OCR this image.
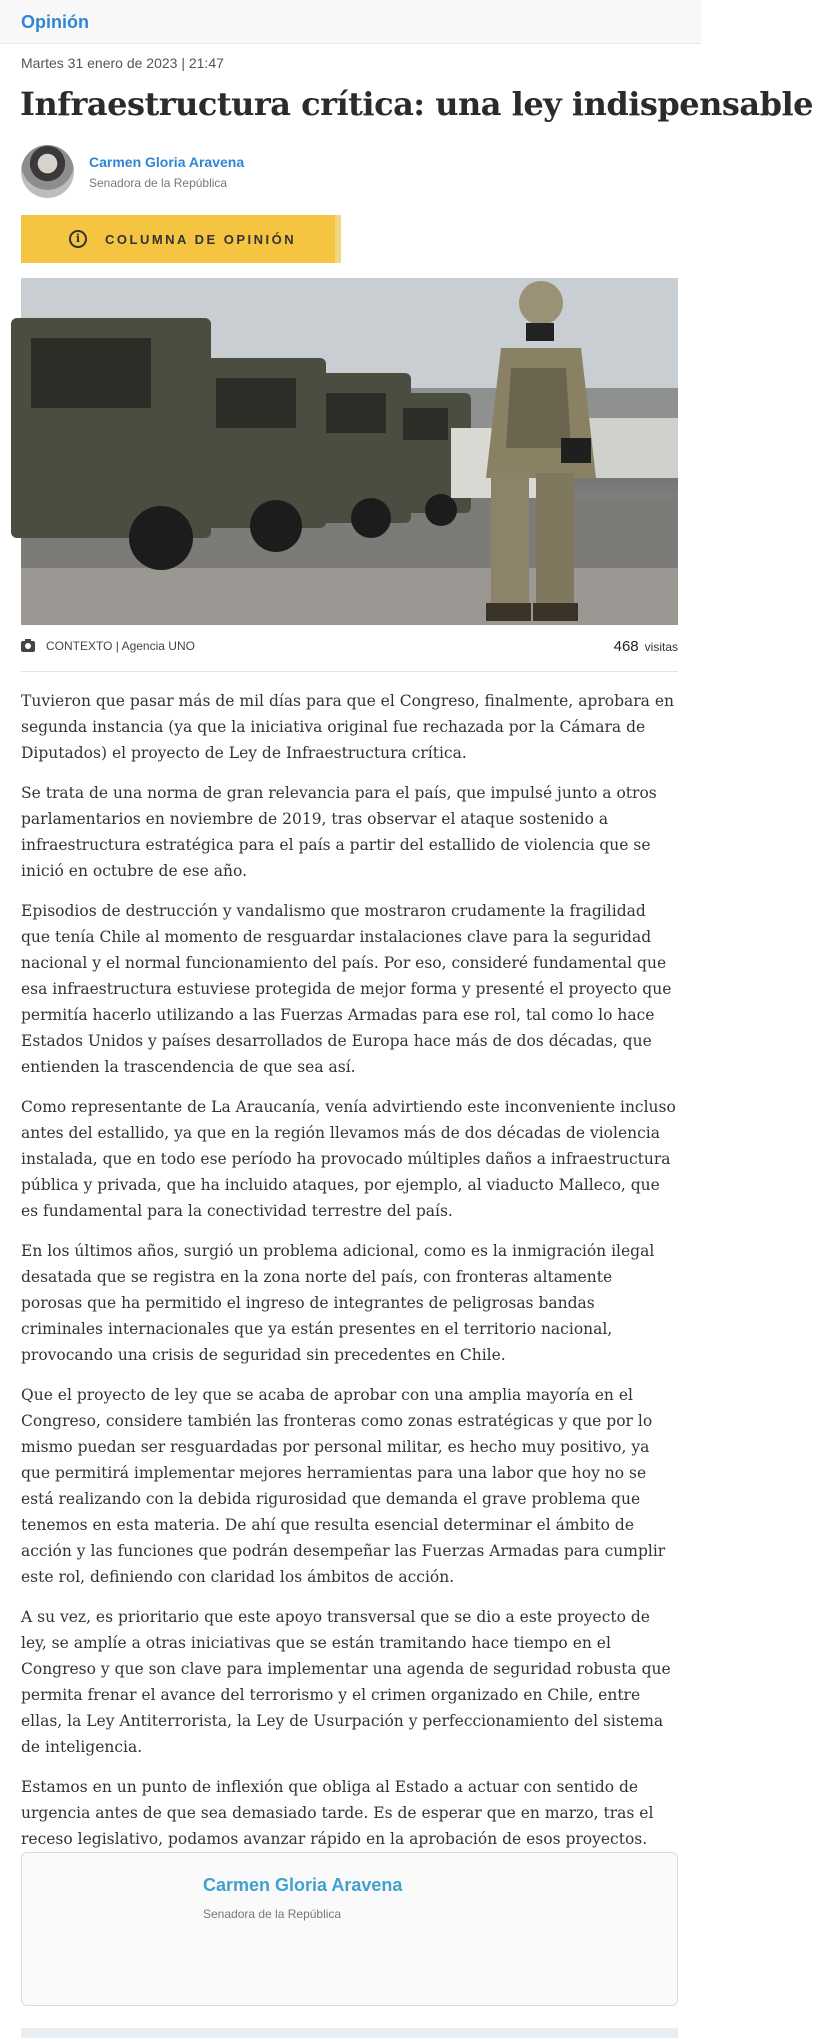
Opinión
Martes 31 enero de 2023 | 21:47
Infraestructura crítica: una ley indispensable
Carmen Gloria Aravena
Senadora de la República
i	COLUMNA DE OPINIÓN
CONTEXTO | Agencia UNO	468 visitas

Tuvieron que pasar más de mil días para que el Congreso, finalmente, aprobara en segunda instancia (ya que la iniciativa original fue rechazada por la Cámara de Diputados) el proyecto de Ley de Infraestructura crítica.

Se trata de una norma de gran relevancia para el país, que impulsé junto a otros parlamentarios en noviembre de 2019, tras observar el ataque sostenido a infraestructura estratégica para el país a partir del estallido de violencia que se inició en octubre de ese año.

Episodios de destrucción y vandalismo que mostraron crudamente la fragilidad que tenía Chile al momento de resguardar instalaciones clave para la seguridad nacional y el normal funcionamiento del país. Por eso, consideré fundamental que esa infraestructura estuviese protegida de mejor forma y presenté el proyecto que permitía hacerlo utilizando a las Fuerzas Armadas para ese rol, tal como lo hace Estados Unidos y países desarrollados de Europa hace más de dos décadas, que entienden la trascendencia de que sea así.

Como representante de La Araucanía, venía advirtiendo este inconveniente incluso antes del estallido, ya que en la región llevamos más de dos décadas de violencia instalada, que en todo ese período ha provocado múltiples daños a infraestructura pública y privada, que ha incluido ataques, por ejemplo, al viaducto Malleco, que es fundamental para la conectividad terrestre del país.

En los últimos años, surgió un problema adicional, como es la inmigración ilegal desatada que se registra en la zona norte del país, con fronteras altamente porosas que ha permitido el ingreso de integrantes de peligrosas bandas criminales internacionales que ya están presentes en el territorio nacional, provocando una crisis de seguridad sin precedentes en Chile.

Que el proyecto de ley que se acaba de aprobar con una amplia mayoría en el Congreso, considere también las fronteras como zonas estratégicas y que por lo mismo puedan ser resguardadas por personal militar, es hecho muy positivo, ya que permitirá implementar mejores herramientas para una labor que hoy no se está realizando con la debida rigurosidad que demanda el grave problema que tenemos en esta materia. De ahí que resulta esencial determinar el ámbito de acción y las funciones que podrán desempeñar las Fuerzas Armadas para cumplir este rol, definiendo con claridad los ámbitos de acción.

A su vez, es prioritario que este apoyo transversal que se dio a este proyecto de ley, se amplíe a otras iniciativas que se están tramitando hace tiempo en el Congreso y que son clave para implementar una agenda de seguridad robusta que permita frenar el avance del terrorismo y el crimen organizado en Chile, entre ellas, la Ley Antiterrorista, la Ley de Usurpación y perfeccionamiento del sistema de inteligencia.

Estamos en un punto de inflexión que obliga al Estado a actuar con sentido de urgencia antes de que sea demasiado tarde. Es de esperar que en marzo, tras el receso legislativo, podamos avanzar rápido en la aprobación de esos proyectos.

Carmen Gloria Aravena
Senadora de la República
